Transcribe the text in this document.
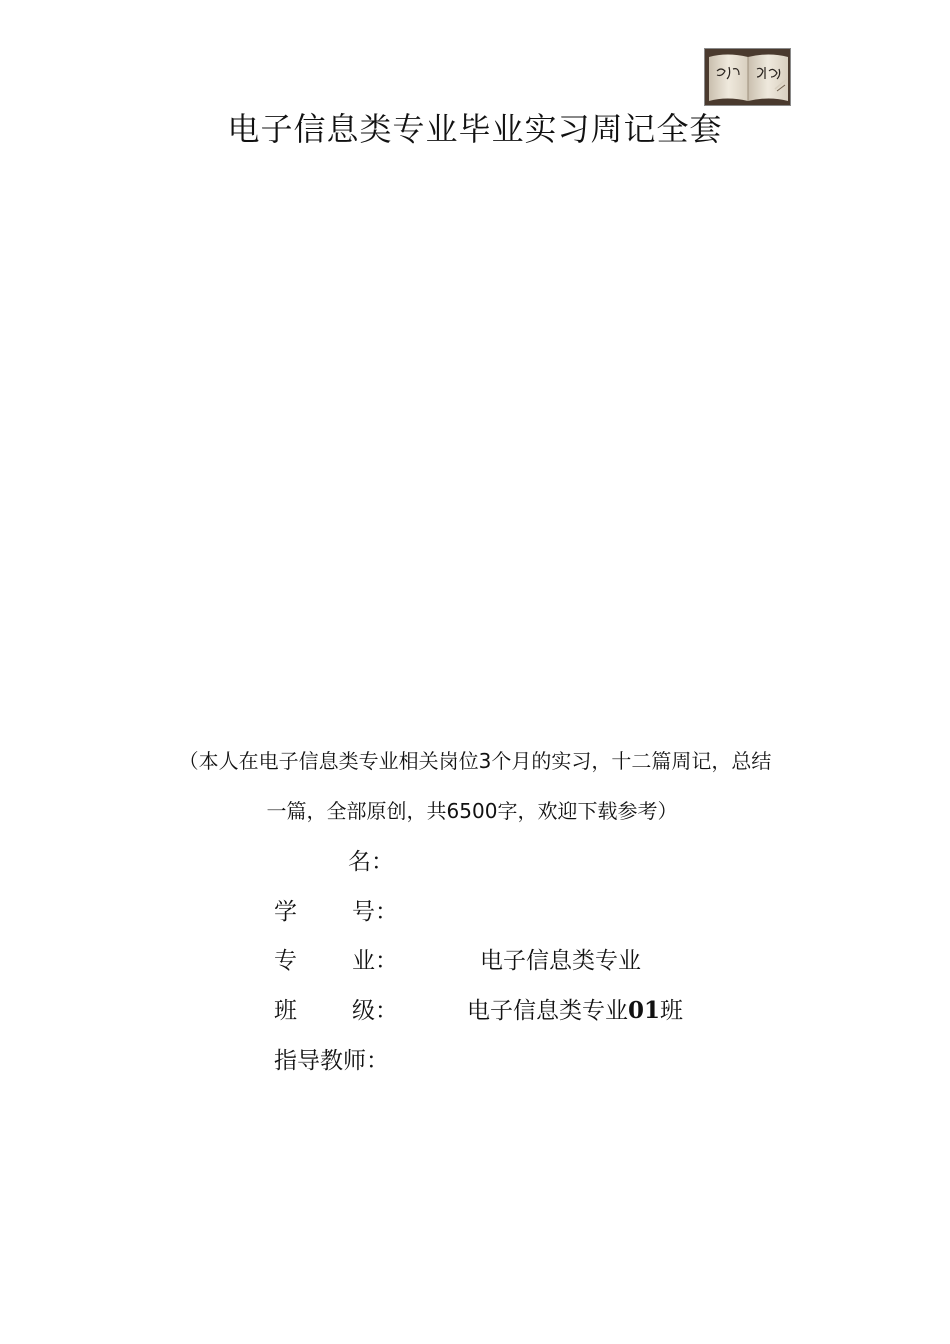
电子信息类专业毕业实习周记全套

（本人在电子信息类专业相关岗位3个月的实习，十二篇周记，总结

一篇，全部原创，共6500字，欢迎下载参考）

名：
学 号：
专 业：	电子信息类专业
班 级：	电子信息类专业01班
指导教师：
